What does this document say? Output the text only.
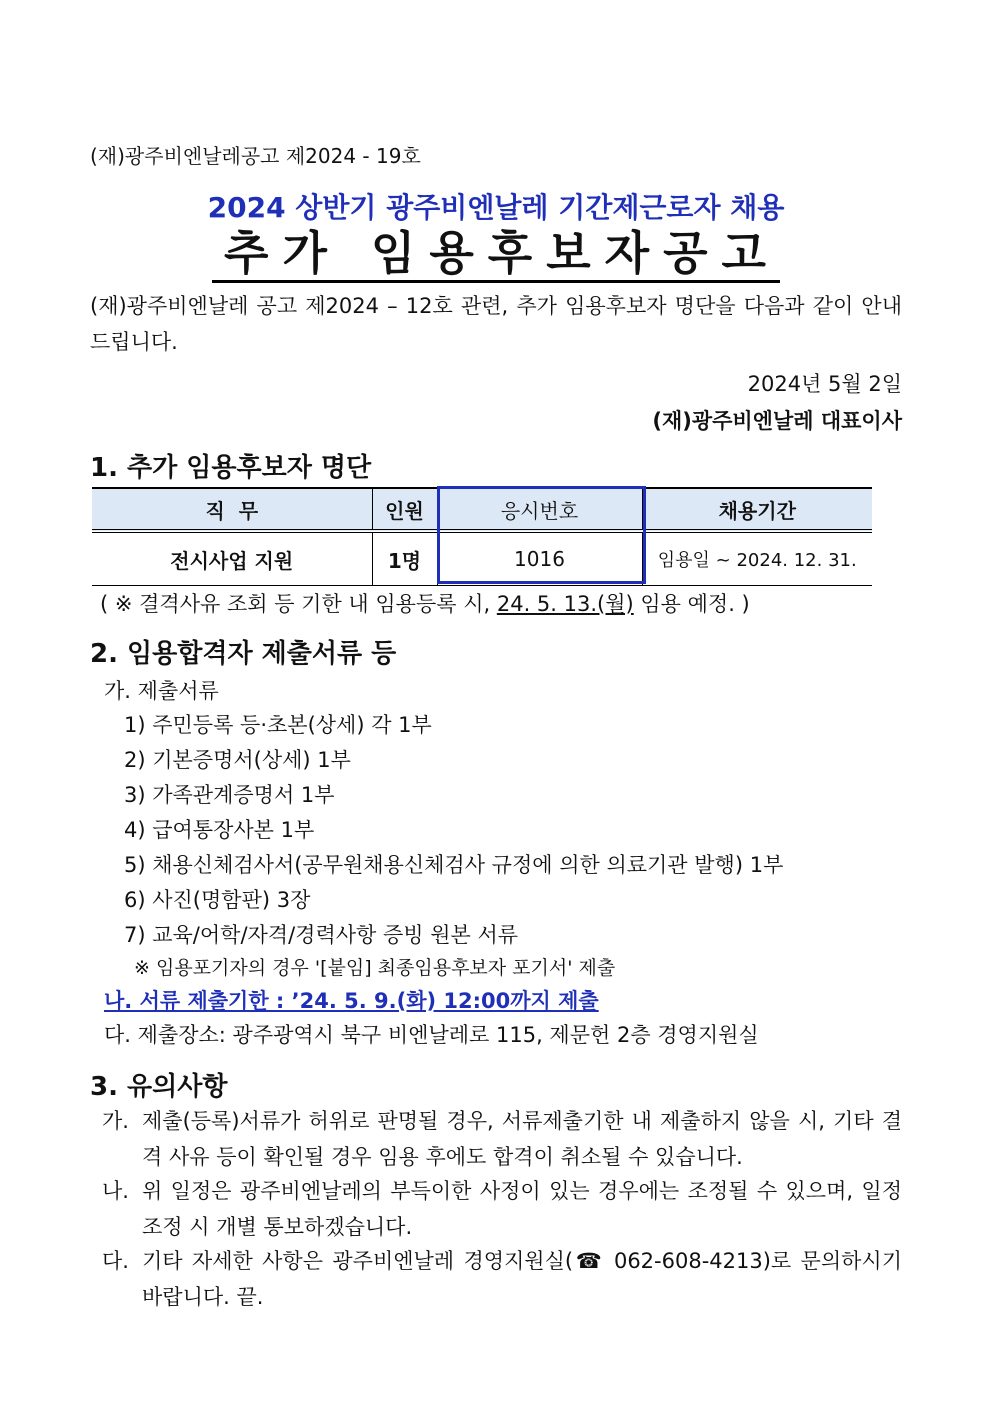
(재)광주비엔날레공고 제2024 - 19호
2024 상반기 광주비엔날레 기간제근로자 채용
추가 임용후보자공고
(재)광주비엔날레 공고 제2024 – 12호 관련, 추가 임용후보자 명단을 다음과 같이 안내드립니다.
2024년 5월 2일
(재)광주비엔날레 대표이사
1. 추가 임용후보자 명단
직  무	인원	응시번호	채용기간
전시사업 지원	1명	1016	임용일 ~ 2024. 12. 31.
( ※ 결격사유 조회 등 기한 내 임용등록 시, 24. 5. 13.(월) 임용 예정. )
2. 임용합격자 제출서류 등
가. 제출서류
1) 주민등록 등·초본(상세) 각 1부
2) 기본증명서(상세) 1부
3) 가족관계증명서 1부
4) 급여통장사본 1부
5) 채용신체검사서(공무원채용신체검사 규정에 의한 의료기관 발행) 1부
6) 사진(명함판) 3장
7) 교육/어학/자격/경력사항 증빙 원본 서류
※ 임용포기자의 경우 '[붙임] 최종임용후보자 포기서' 제출
나. 서류 제출기한 : ’24. 5. 9.(화) 12:00까지 제출
다. 제출장소: 광주광역시 북구 비엔날레로 115, 제문헌 2층 경영지원실
3. 유의사항
가. 제출(등록)서류가 허위로 판명될 경우, 서류제출기한 내 제출하지 않을 시, 기타 결격 사유 등이 확인될 경우 임용 후에도 합격이 취소될 수 있습니다.
나. 위 일정은 광주비엔날레의 부득이한 사정이 있는 경우에는 조정될 수 있으며, 일정 조정 시 개별 통보하겠습니다.
다. 기타 자세한 사항은 광주비엔날레 경영지원실(☎ 062-608-4213)로 문의하시기 바랍니다. 끝.
